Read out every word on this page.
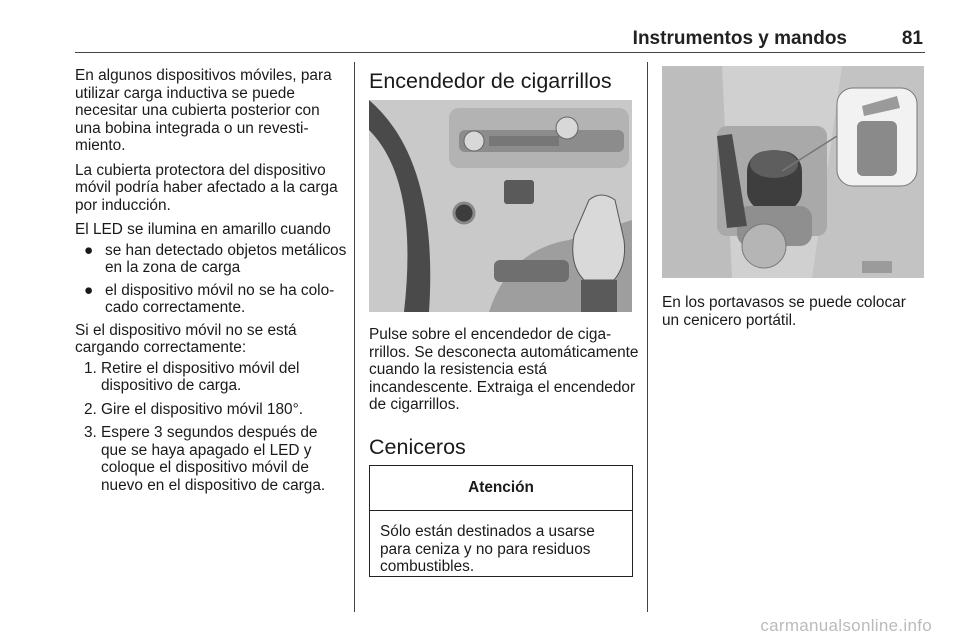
Instrumentos y mandos	81

En algunos dispositivos móviles, para utilizar carga inductiva se puede necesitar una cubierta posterior con una bobina integrada o un revestimiento.

La cubierta protectora del dispositivo móvil podría haber afectado a la carga por inducción.

El LED se ilumina en amarillo cuando

● se han detectado objetos metálicos en la zona de carga
● el dispositivo móvil no se ha colocado correctamente.

Si el dispositivo móvil no se está cargando correctamente:

1. Retire el dispositivo móvil del dispositivo de carga.
2. Gire el dispositivo móvil 180°.
3. Espere 3 segundos después de que se haya apagado el LED y coloque el dispositivo móvil de nuevo en el dispositivo de carga.
Encendedor de cigarrillos

Pulse sobre el encendedor de cigarrillos. Se desconecta automáticamente cuando la resistencia está incandescente. Extraiga el encendedor de cigarrillos.

Ceniceros
Atención
Sólo están destinados a usarse para ceniza y no para residuos combustibles.

En los portavasos se puede colocar un cenicero portátil.

carmanualsonline.info
